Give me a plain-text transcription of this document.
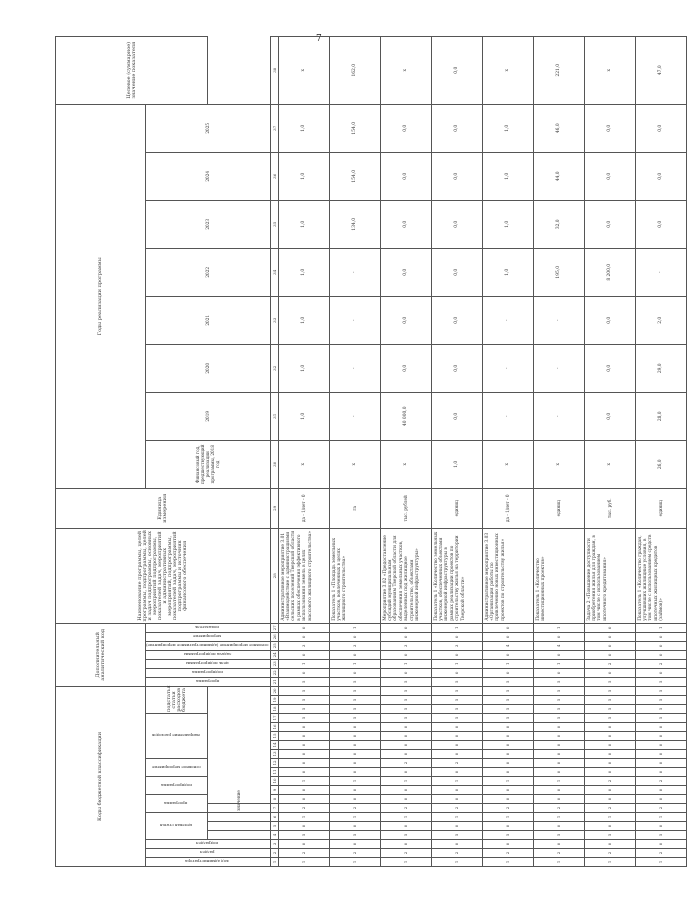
7
Коды бюджетной классификации																				Дополнительный аналитический код							Наименование программы, целей программы, подпрограммы, целей и задач подпрограммы, основных мероприятий подпрограммы, показателей задач, мероприятий и административных мероприятий, подпрограммы, показателей задач, мероприятий подпрограммы и источник финансового обеспечения	Единица измерения	Годы реализации программы								Целевое (суммарное) значение показателя
код администратора	раздел	подраздел	целевая статья			программа		подпрограмма		основное мероприятие		направление расходов					подстатья статьи расходов бюджета			программа	подпрограмма	цель подпрограммы	задача подпрограммы	основное мероприятие (административное мероприятие)	мероприятие	показатель			Финансовый год, предшествующий реализации программы, 2018 год	2019	2020	2021	2022	2023	2024	2025	
						значение																															
1	2	3	4	5	6	7	8	9	10	11	12	13	14	15	16	17	18	19	20	21	22	23	24	25	26	27	28	29	30	31	32	33	34	35	36	37	38
1	2	0	5	0	1	2	0	0	1	0	0	0	0	0	0	5	5	5	5	5	0	1	0	3	0	0	Административное мероприятие 3.01 «Взаимодействие с администрациями сельских поселений Тверской области в рамках обеспечения эффективного использования земель в целях массового жилищного строительства»	да - 1/нет - 0	х	1,0	1,0	1,0	1,0	1,0	1,0	1,0	х
1	2	0	5	0	1	2	0	0	1	0	0	0	0	0	0	5	5	5	5	5	0	1	0	3	0	1	Показатель 1 «Площадь земельных участков, вовлеченных в целях жилищного строительства»	га	х	-	-	-	-	134,0	154,0	154,0	162,0
1	2	0	5	0	1	2	0	0	1	0	2	0	0	0	0	5	5	5	5	5	0	1	0	3	0	0	Мероприятие 3.02 «Предоставление субсидий муниципальным образованиям Тверской области для обеспечения земельных участков, выделенных под жилищное строительство, объектами инженерной инфраструктуры»	тыс. рублей	х	40 000,0	0,0	0,0	0,0	0,0	0,0	0,0	х
1	2	0	5	0	1	2	0	0	1	0	2	0	0	0	0	5	5	5	5	5	0	1	0	3	0	1	Показатель 1 «Количество земельных участков, обеспеченных объектами инженерной инфраструктуры в рамках реализации проектов по строительству жилья на территории Тверской области»	единиц	1,0	0,0	0,0	0,0	0,0	0,0	0,0	0,0	0,0
1	2	0	5	0	1	2	0	0	1	0	0	0	0	0	0	5	5	5	5	5	0	1	0	4	0	0	Административное мероприятие 3.03 «Организация работы по привлечению новых инвестиционных проектов по строительству жилья»	да - 1/нет - 0	х	-	-	-	1,0	1,0	1,0	1,0	х
1	2	0	5	0	1	2	0	0	1	0	0	0	0	0	0	5	5	5	5	5	0	1	0	4	0	1	Показатель 1 «Количество инвестиционных проектов»	единиц	х	-	-	-	195,0	32,0	44,0	46,0	221,0
1	2	0	5	0	1	2	0	0	2	0	0	0	0	0	0	5	5	5	5	5	0	2	0	0	0	0	Задача 2 «Повышение доступности приобретения жилья для граждан, в том числе с использованием ипотечного кредитования»	тыс. руб.	х	0,0	0,0	0,0	8 200,0	0,0	0,0	0,0	х
1	2	0	5	0	1	2	0	0	2	0	0	0	0	0	0	5	5	5	5	5	0	2	0	0	0	1	Показатель 1 «Количество граждан, улучшивших жилищные условия, в том числе с использованием средств ипотечных жилищных кредитов (займов)»	единиц	26,0	28,0	29,0	2,0	-	0,0	0,0	0,0	47,0
